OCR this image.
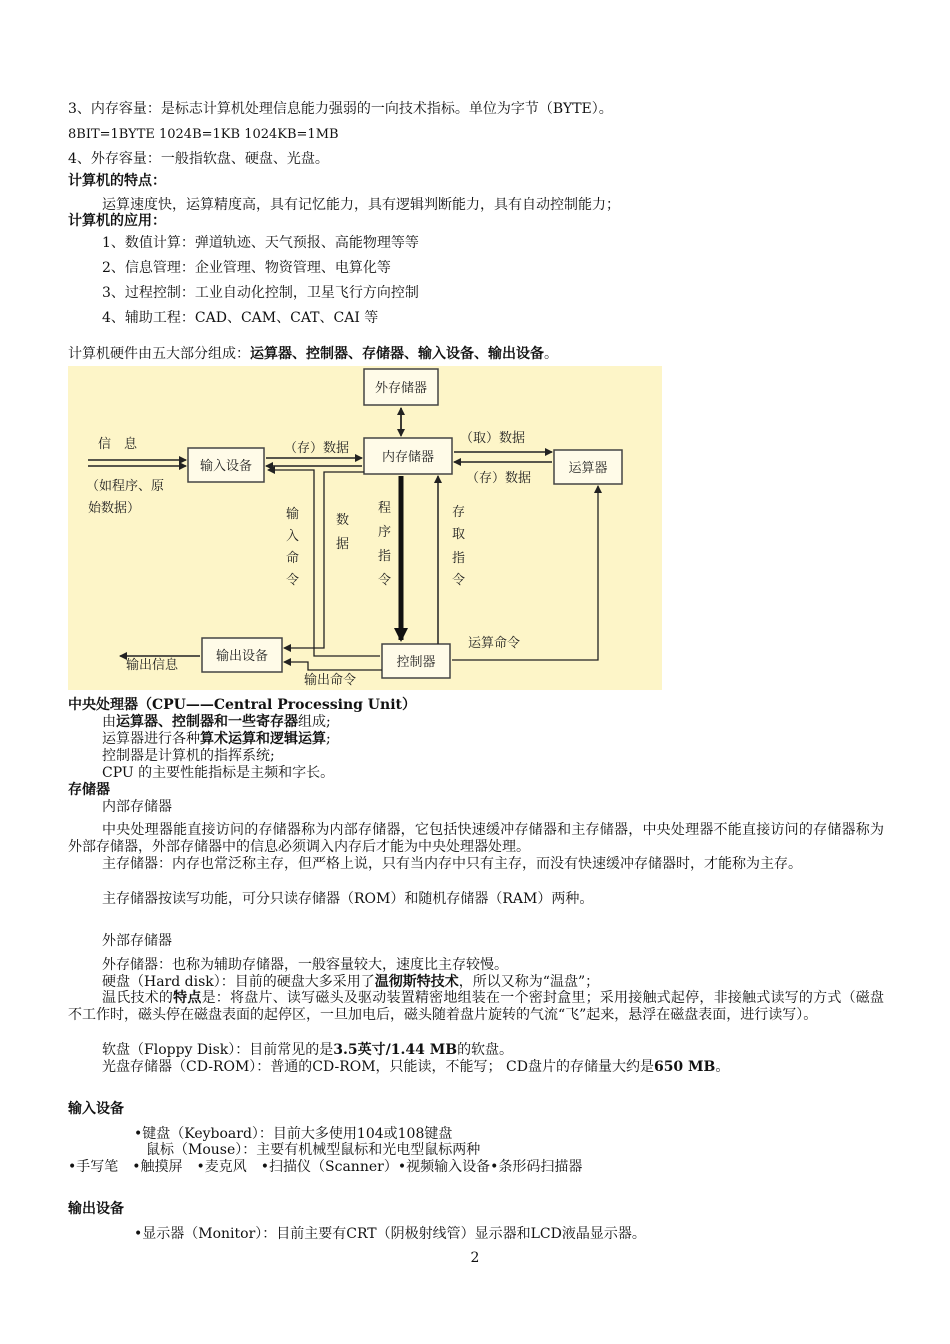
3、内存容量：是标志计算机处理信息能力强弱的一向技术指标。单位为字节（BYTE）。
8BIT=1BYTE 1024B=1KB 1024KB=1MB
4、外存容量：一般指软盘、硬盘、光盘。
计算机的特点：
运算速度快，运算精度高，具有记忆能力，具有逻辑判断能力，具有自动控制能力；
计算机的应用：
1、数值计算：弹道轨迹、天气预报、高能物理等等
2、信息管理：企业管理、物资管理、电算化等
3、过程控制：工业自动化控制，卫星飞行方向控制
4、辅助工程：CAD、CAM、CAT、CAI 等
计算机硬件由五大部分组成：运算器、控制器、存储器、输入设备、输出设备。
外存储器
输入设备
内存储器
运算器
输出设备	控制器
信　息
（如程序、原
始数据）
（存）数据
（取）数据
（存）数据
输出信息
运算命令
输出命令
输
入
命
令
数
据
程
序
指
令
存
取
指
令
中央处理器（CPU——Central Processing Unit）
由运算器、控制器和一些寄存器组成;
运算器进行各种算术运算和逻辑运算;
控制器是计算机的指挥系统;
CPU 的主要性能指标是主频和字长。
存储器
内部存储器
中央处理器能直接访问的存储器称为内部存储器，它包括快速缓冲存储器和主存储器，中央处理器不能直接访问的存储器称为外部存储器，外部存储器中的信息必须调入内存后才能为中央处理器处理。
主存储器：内存也常泛称主存，但严格上说，只有当内存中只有主存，而没有快速缓冲存储器时，才能称为主存。
主存储器按读写功能，可分只读存储器（ROM）和随机存储器（RAM）两种。
外部存储器
外存储器：也称为辅助存储器，一般容量较大，速度比主存较慢。
硬盘（Hard disk）：目前的硬盘大多采用了温彻斯特技术，所以又称为“温盘”；
温氏技术的特点是：将盘片、读写磁头及驱动装置精密地组装在一个密封盒里；采用接触式起停，非接触式读写的方式（磁盘不工作时，磁头停在磁盘表面的起停区，一旦加电后，磁头随着盘片旋转的气流“飞”起来，悬浮在磁盘表面，进行读写）。
软盘（Floppy Disk）：目前常见的是3.5英寸/1.44 MB的软盘。
光盘存储器（CD-ROM）：普通的CD-ROM，只能读，不能写； CD盘片的存储量大约是650 MB。
输入设备
•键盘（Keyboard）：目前大多使用104或108键盘
鼠标（Mouse）：主要有机械型鼠标和光电型鼠标两种
•手写笔　•触摸屏　•麦克风　•扫描仪（Scanner）•视频输入设备•条形码扫描器
输出设备
•显示器（Monitor）：目前主要有CRT（阴极射线管）显示器和LCD液晶显示器。
2
